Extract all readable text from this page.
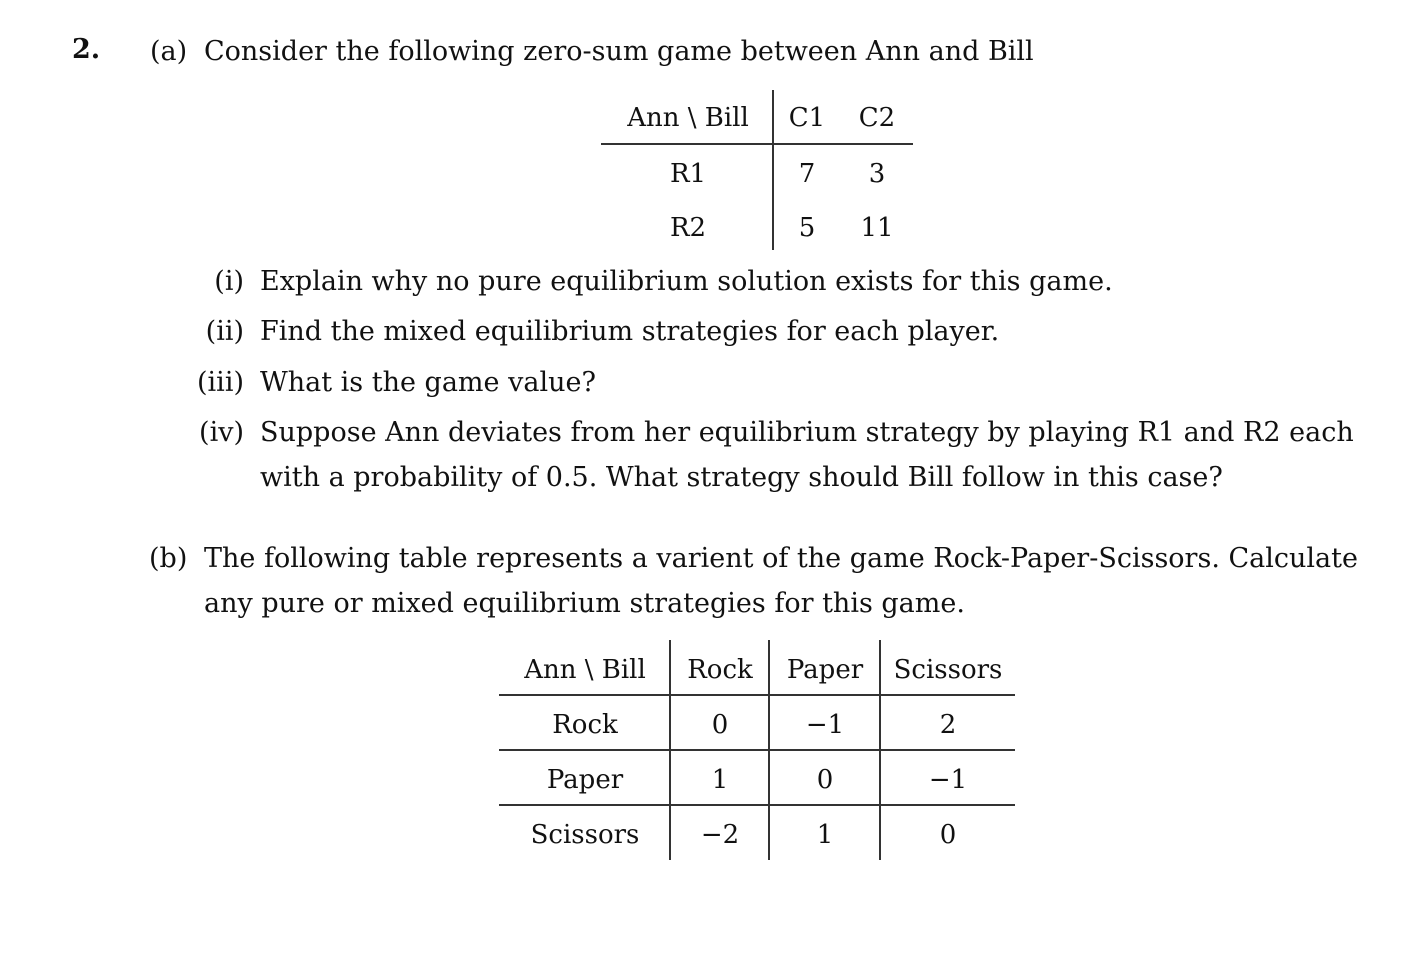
2. (a) Consider the following zero-sum game between Ann and Bill
Ann \ Bill	C1	C2
R1	7	3
R2	5	11
(i) Explain why no pure equilibrium solution exists for this game.
(ii) Find the mixed equilibrium strategies for each player.
(iii) What is the game value?
(iv) Suppose Ann deviates from her equilibrium strategy by playing R1 and R2 each
with a probability of 0.5. What strategy should Bill follow in this case?
(b) The following table represents a varient of the game Rock-Paper-Scissors. Calculate
any pure or mixed equilibrium strategies for this game.
Ann \ Bill	Rock	Paper	Scissors
Rock	0	−1	2
Paper	1	0	−1
Scissors	−2	1	0
